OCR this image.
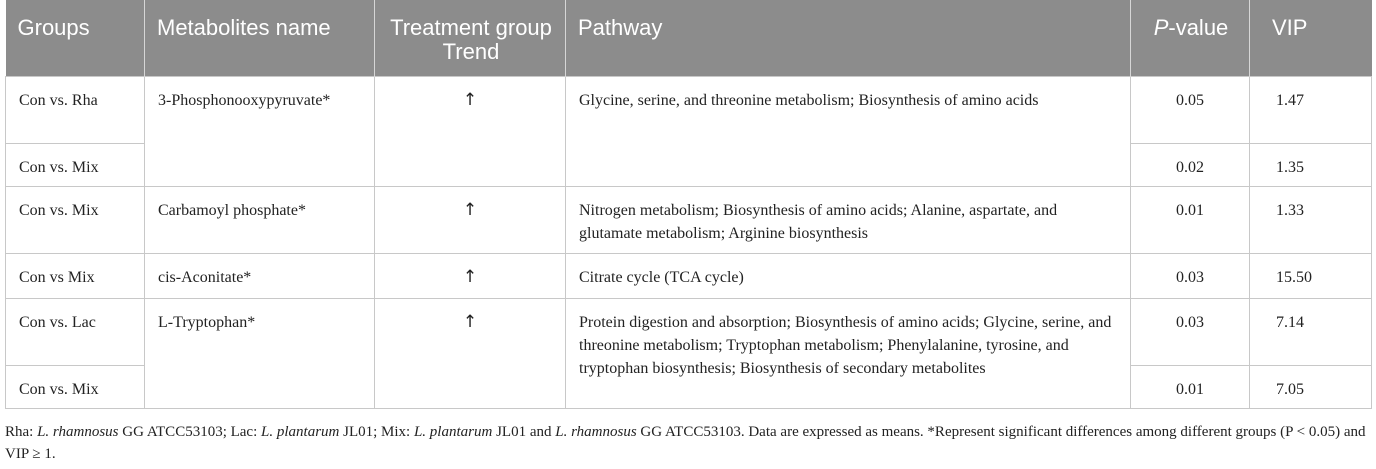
Groups	Metabolites name	Treatment group Trend	Pathway	P-value	VIP
Con vs. Rha	3-Phosphonooxypyruvate*	↑	Glycine, serine, and threonine metabolism; Biosynthesis of amino acids	0.05	1.47
Con vs. Mix				0.02	1.35
Con vs. Mix	Carbamoyl phosphate*	↑	Nitrogen metabolism; Biosynthesis of amino acids; Alanine, aspartate, and glutamate metabolism; Arginine biosynthesis	0.01	1.33
Con vs Mix	cis-Aconitate*	↑	Citrate cycle (TCA cycle)	0.03	15.50
Con vs. Lac	L-Tryptophan*	↑	Protein digestion and absorption; Biosynthesis of amino acids; Glycine, serine, and threonine metabolism; Tryptophan metabolism; Phenylalanine, tyrosine, and tryptophan biosynthesis; Biosynthesis of secondary metabolites	0.03	7.14
Con vs. Mix				0.01	7.05
Rha: L. rhamnosus GG ATCC53103; Lac: L. plantarum JL01; Mix: L. plantarum JL01 and L. rhamnosus GG ATCC53103. Data are expressed as means. *Represent significant differences among different groups (P < 0.05) and VIP ≥ 1.
